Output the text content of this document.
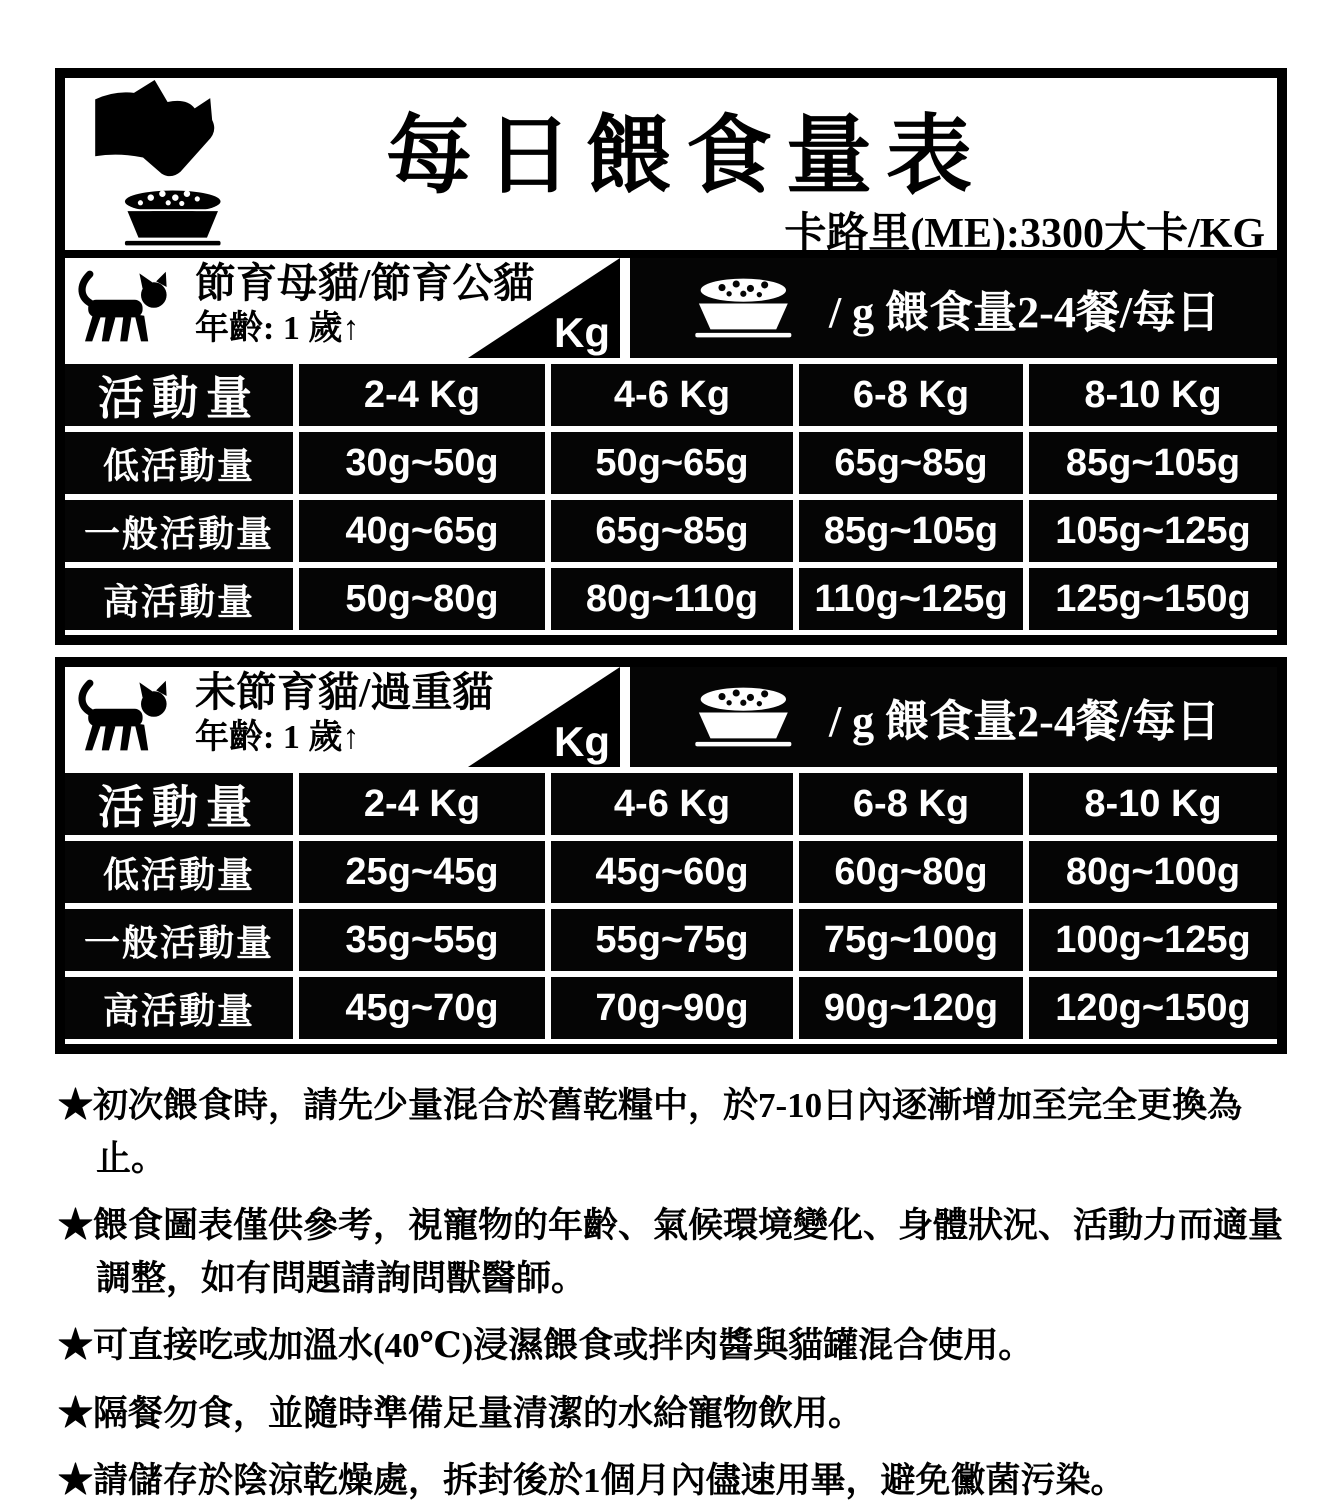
每日餵食量表
卡路里(ME):3300大卡/KG
節育母貓/節育公貓
年齡: 1 歲↑	Kg	/ g 餵食量2-4餐/每日
活動量	2-4 Kg	4-6 Kg	6-8 Kg	8-10 Kg
低活動量	30g~50g	50g~65g	65g~85g	85g~105g
一般活動量	40g~65g	65g~85g	85g~105g	105g~125g
高活動量	50g~80g	80g~110g	110g~125g	125g~150g
未節育貓/過重貓
年齡: 1 歲↑	Kg	/ g 餵食量2-4餐/每日
活動量	2-4 Kg	4-6 Kg	6-8 Kg	8-10 Kg
低活動量	25g~45g	45g~60g	60g~80g	80g~100g
一般活動量	35g~55g	55g~75g	75g~100g	100g~125g
高活動量	45g~70g	70g~90g	90g~120g	120g~150g
★初次餵食時，請先少量混合於舊乾糧中，於7-10日內逐漸增加至完全更換為止。
★餵食圖表僅供參考，視寵物的年齡、氣候環境變化、身體狀況、活動力而適量調整，如有問題請詢問獸醫師。
★可直接吃或加溫水(40℃)浸濕餵食或拌肉醬與貓罐混合使用。
★隔餐勿食，並隨時準備足量清潔的水給寵物飲用。
★請儲存於陰涼乾燥處，拆封後於1個月內儘速用畢，避免黴菌污染。
